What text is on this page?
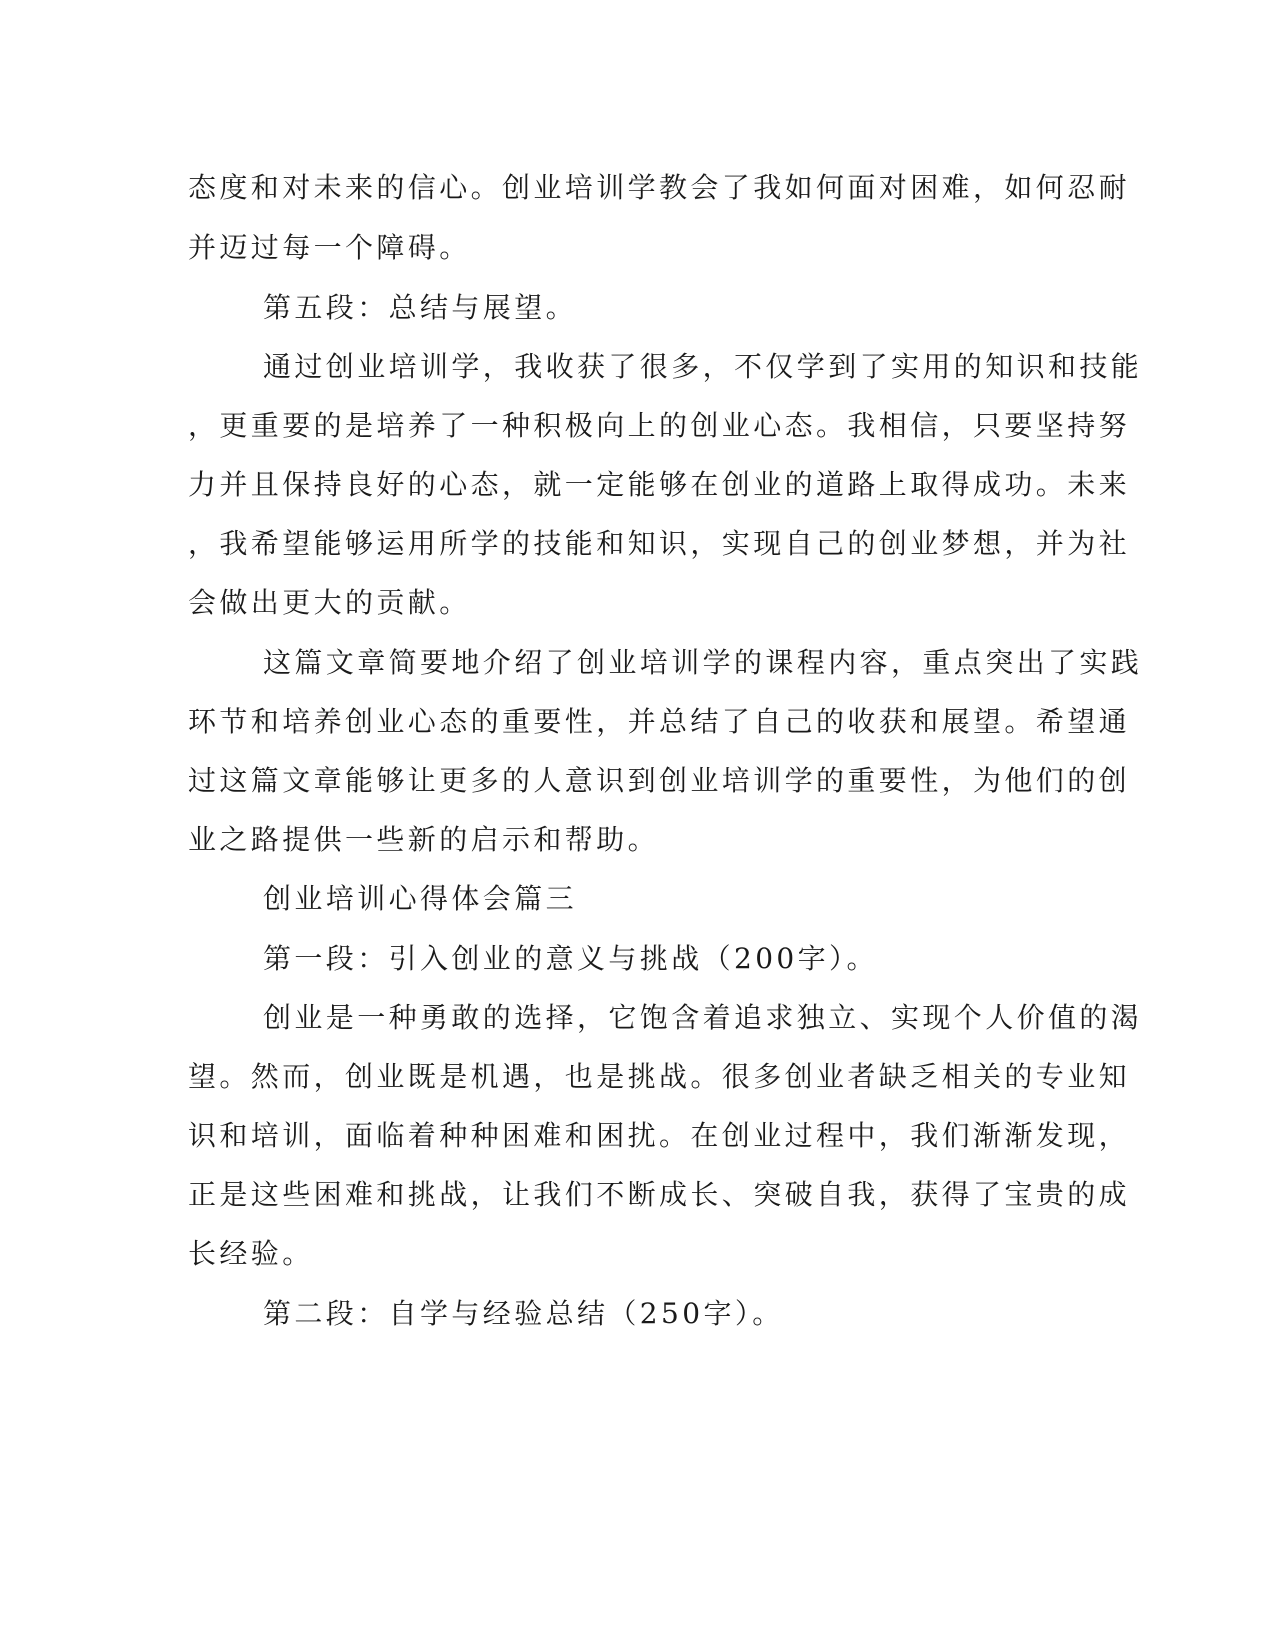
态度和对未来的信心。创业培训学教会了我如何面对困难，如何忍耐
并迈过每一个障碍。
第五段：总结与展望。
通过创业培训学，我收获了很多，不仅学到了实用的知识和技能
，更重要的是培养了一种积极向上的创业心态。我相信，只要坚持努
力并且保持良好的心态，就一定能够在创业的道路上取得成功。未来
，我希望能够运用所学的技能和知识，实现自己的创业梦想，并为社
会做出更大的贡献。
这篇文章简要地介绍了创业培训学的课程内容，重点突出了实践
环节和培养创业心态的重要性，并总结了自己的收获和展望。希望通
过这篇文章能够让更多的人意识到创业培训学的重要性，为他们的创
业之路提供一些新的启示和帮助。
创业培训心得体会篇三
第一段：引入创业的意义与挑战（200字）。
创业是一种勇敢的选择，它饱含着追求独立、实现个人价值的渴
望。然而，创业既是机遇，也是挑战。很多创业者缺乏相关的专业知
识和培训，面临着种种困难和困扰。在创业过程中，我们渐渐发现，
正是这些困难和挑战，让我们不断成长、突破自我，获得了宝贵的成
长经验。
第二段：自学与经验总结（250字）。
